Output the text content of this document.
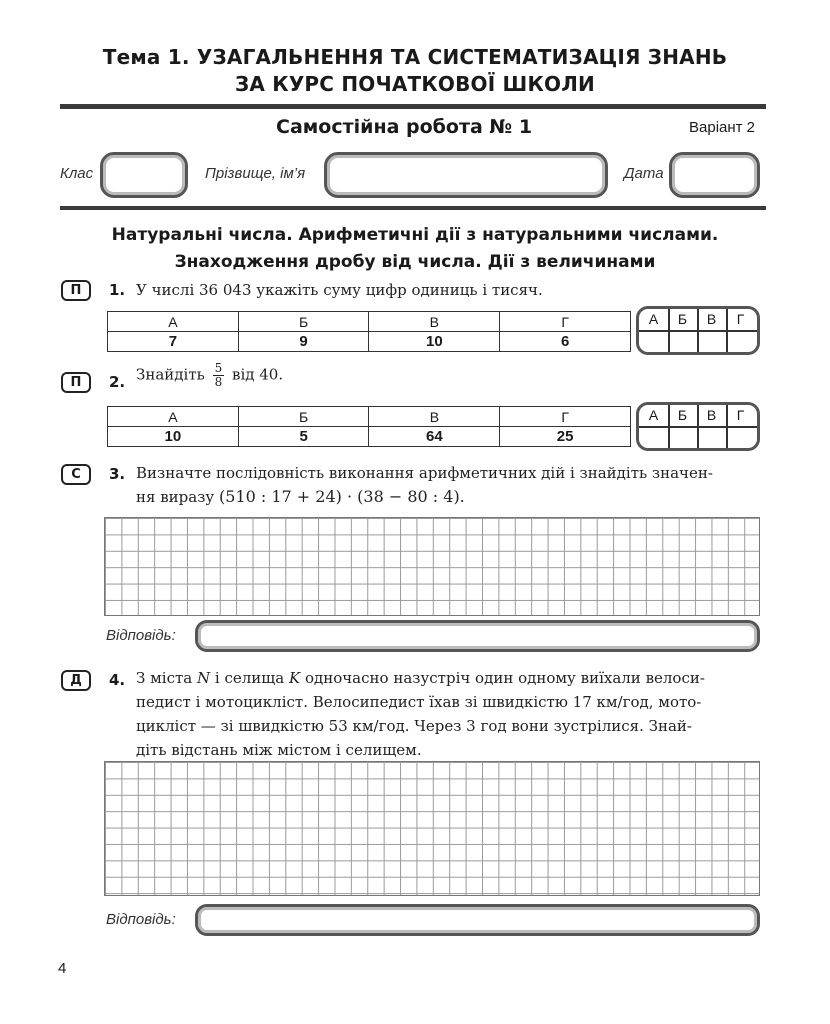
Тема 1. УЗАГАЛЬНЕННЯ ТА СИСТЕМАТИЗАЦІЯ ЗНАНЬ
ЗА КУРС ПОЧАТКОВОЇ ШКОЛИ
Самостійна робота № 1	Варіант 2
Клас	Прізвище, ім’я	Дата
Натуральні числа. Арифметичні дії з натуральними числами.
Знаходження дробу від числа. Дії з величинами
П	1. У числі 36 043 укажіть суму цифр одиниць і тисяч.
А	Б	В	Г
7	9	10	6
А	Б	В	Г
П	2. Знайдіть $\frac{5}{8}$ від 40.
А	Б	В	Г
10	5	64	25
А	Б	В	Г
С	3. Визначте послідовність виконання арифметичних дій і знайдіть значен-
ня виразу (510 : 17 + 24) · (38 − 80 : 4).
Відповідь:
Д	4. З міста N і селища K одночасно назустріч один одному виїхали велоси-
педист і мотоцикліст. Велосипедист їхав зі швидкістю 17 км/год, мото-
цикліст — зі швидкістю 53 км/год. Через 3 год вони зустрілися. Знай-
діть відстань між містом і селищем.
Відповідь:
4
